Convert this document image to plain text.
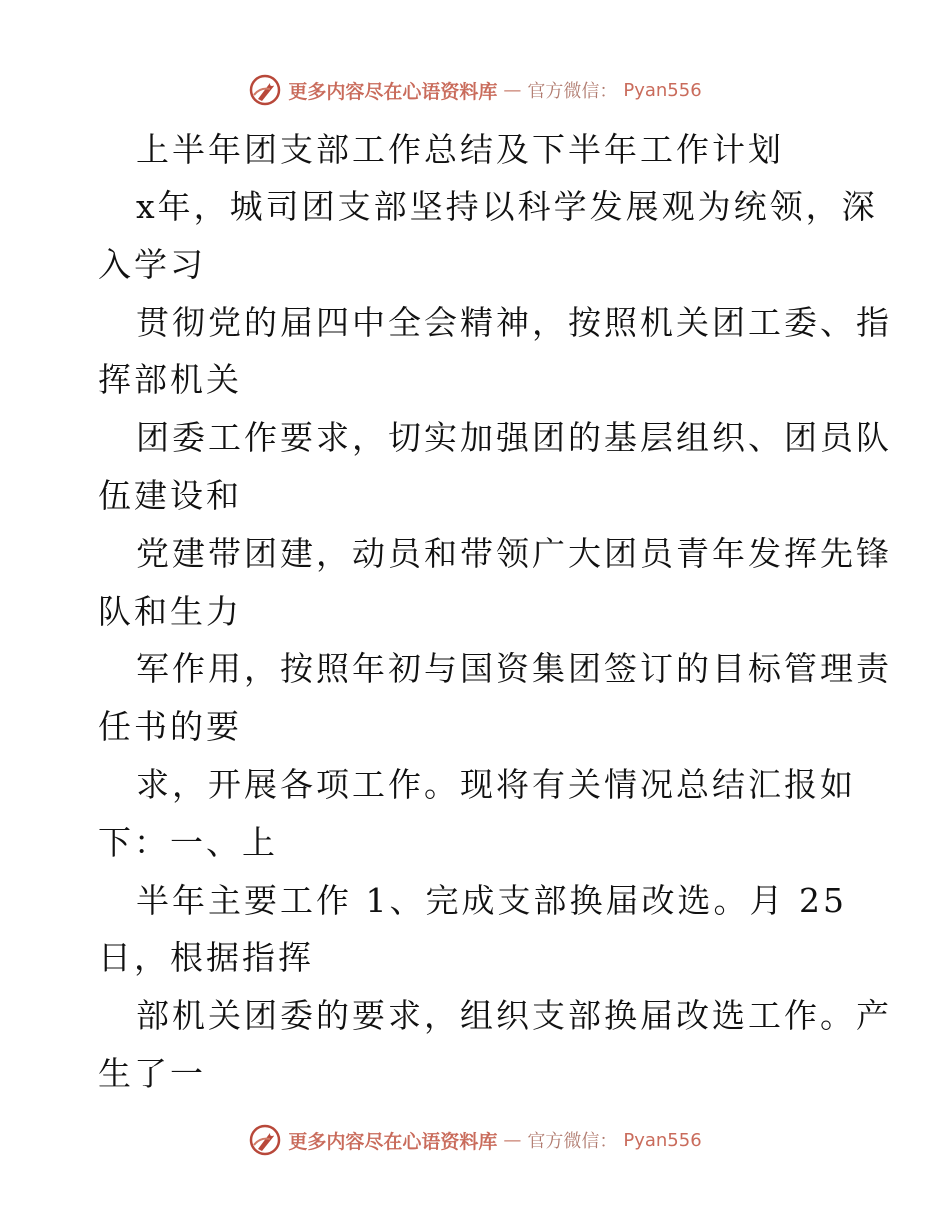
更多内容尽在心语资料库 — 官方微信： Pyan556
上半年团支部工作总结及下半年工作计划
x年，城司团支部坚持以科学发展观为统领，深
入学习
贯彻党的届四中全会精神，按照机关团工委、指
挥部机关
团委工作要求，切实加强团的基层组织、团员队
伍建设和
党建带团建，动员和带领广大团员青年发挥先锋
队和生力
军作用，按照年初与国资集团签订的目标管理责
任书的要
求，开展各项工作。现将有关情况总结汇报如
下：一、上
半年主要工作 1、完成支部换届改选。月 25
日，根据指挥
部机关团委的要求，组织支部换届改选工作。产
生了一
更多内容尽在心语资料库 — 官方微信： Pyan556
